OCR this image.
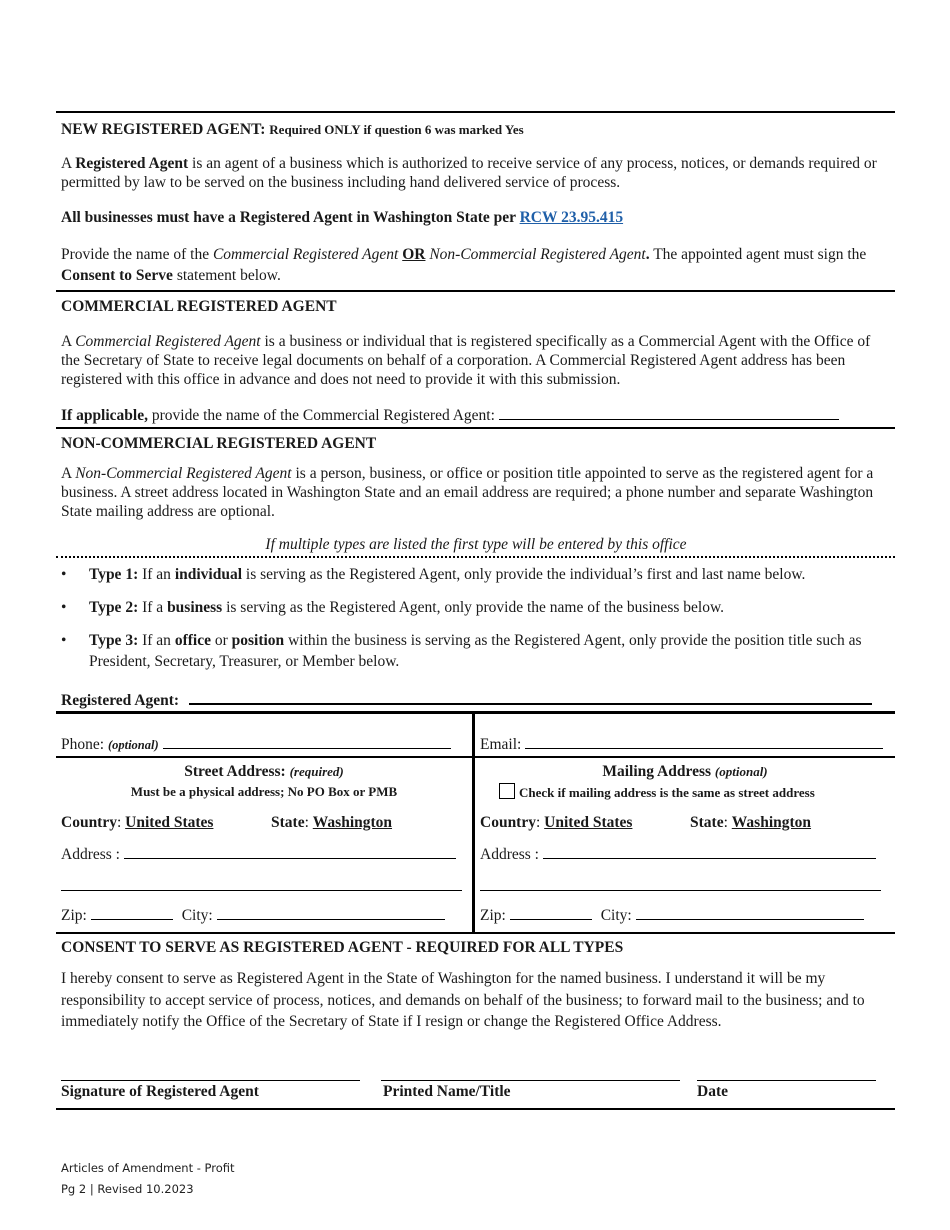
NEW REGISTERED AGENT: Required ONLY if question 6 was marked Yes
A Registered Agent is an agent of a business which is authorized to receive service of any process, notices, or demands required or permitted by law to be served on the business including hand delivered service of process.
All businesses must have a Registered Agent in Washington State per RCW 23.95.415
Provide the name of the Commercial Registered Agent OR Non-Commercial Registered Agent. The appointed agent must sign the Consent to Serve statement below.
COMMERCIAL REGISTERED AGENT
A Commercial Registered Agent is a business or individual that is registered specifically as a Commercial Agent with the Office of the Secretary of State to receive legal documents on behalf of a corporation. A Commercial Registered Agent address has been registered with this office in advance and does not need to provide it with this submission.
If applicable, provide the name of the Commercial Registered Agent:
NON-COMMERCIAL REGISTERED AGENT
A Non-Commercial Registered Agent is a person, business, or office or position title appointed to serve as the registered agent for a business. A street address located in Washington State and an email address are required; a phone number and separate Washington State mailing address are optional.
If multiple types are listed the first type will be entered by this office
• Type 1: If an individual is serving as the Registered Agent, only provide the individual’s first and last name below.
• Type 2: If a business is serving as the Registered Agent, only provide the name of the business below.
• Type 3: If an office or position within the business is serving as the Registered Agent, only provide the position title such as President, Secretary, Treasurer, or Member below.
Registered Agent:
Phone: (optional)	Email:
Street Address: (required)
Must be a physical address; No PO Box or PMB
Country: United States	State: Washington
Address :
Zip:	City:
Mailing Address (optional)
Check if mailing address is the same as street address
Country: United States	State: Washington
Address :
Zip:	City:
CONSENT TO SERVE AS REGISTERED AGENT - REQUIRED FOR ALL TYPES
I hereby consent to serve as Registered Agent in the State of Washington for the named business. I understand it will be my responsibility to accept service of process, notices, and demands on behalf of the business; to forward mail to the business; and to immediately notify the Office of the Secretary of State if I resign or change the Registered Office Address.
Signature of Registered Agent	Printed Name/Title	Date
Articles of Amendment - Profit
Pg 2 | Revised 10.2023
